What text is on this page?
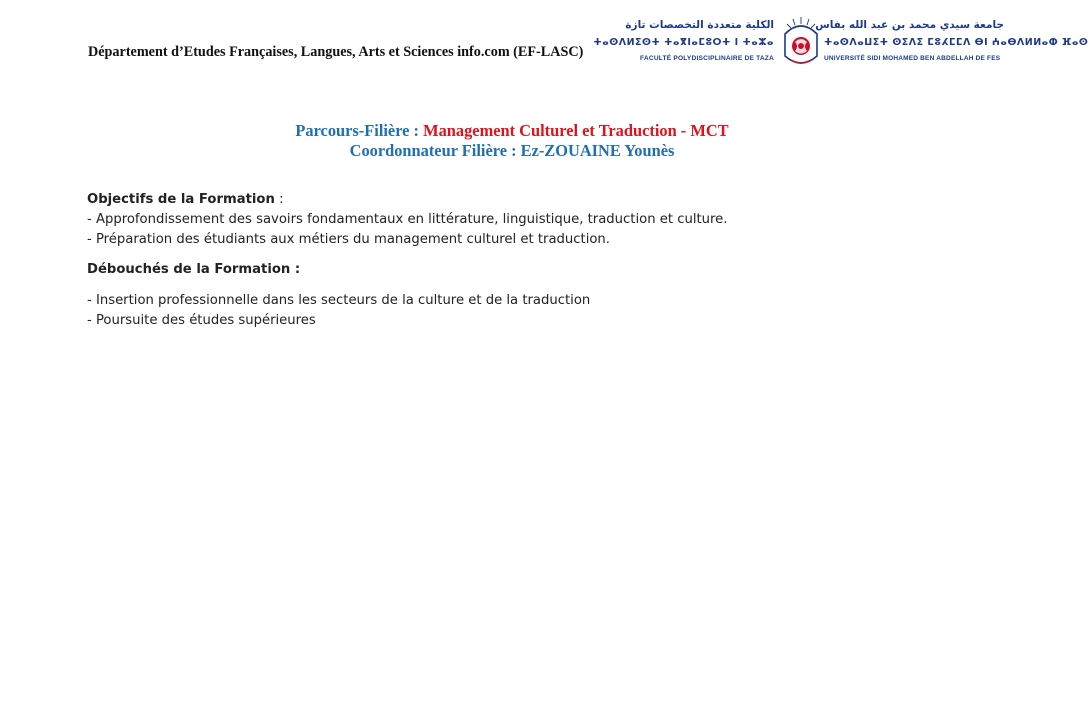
Département d’Etudes Françaises, Langues, Arts et Sciences info.com (EF-LASC)
الكلية متعددة التخصصات تازة
ⵜⴰⵙⴷⵍⵉⵙⵜ ⵜⴰⴳⵏⴰⵎⵓⵔⵜ ⵏ ⵜⴰⵣⴰ
FACULTÉ POLYDISCIPLINAIRE DE TAZA
جامعة سيدي محمد بن عبد الله بفاس
ⵜⴰⵙⴷⴰⵡⵉⵜ ⵙⵉⴷⵉ ⵎⵓⵃⵎⵎⴷ ⴱⵏ ⵄⴰⴱⴷⵍⵍⴰⵀ ⴼⴰⵙ
UNIVERSITÉ SIDI MOHAMED BEN ABDELLAH DE FES
Parcours-Filière : Management Culturel et Traduction - MCT
Coordonnateur Filière : Ez-ZOUAINE Younès
Objectifs de la Formation :
- Approfondissement des savoirs fondamentaux en littérature, linguistique, traduction et culture.
- Préparation des étudiants aux métiers du management culturel et traduction.
Débouchés de la Formation :
- Insertion professionnelle dans les secteurs de la culture et de la traduction
- Poursuite des études supérieures
